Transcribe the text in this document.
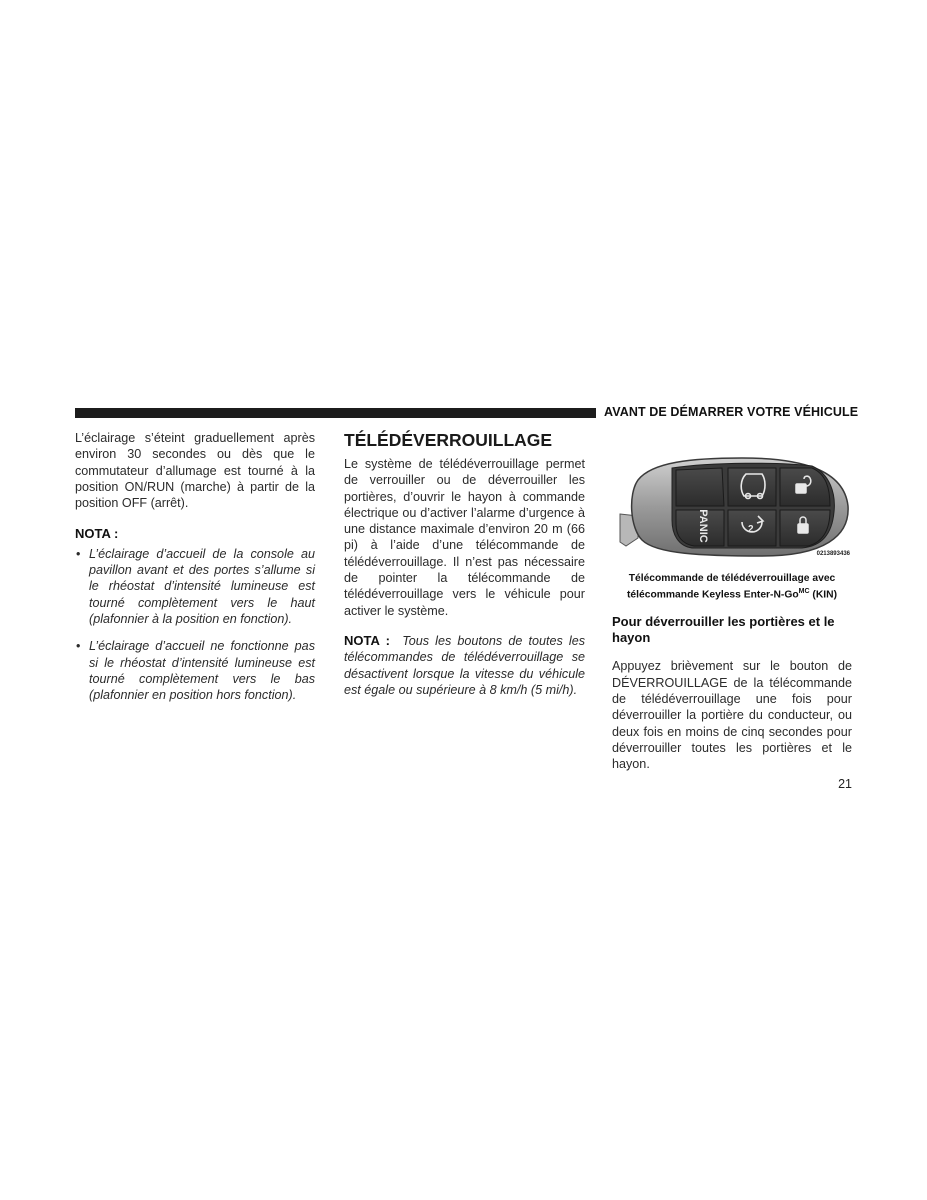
AVANT DE DÉMARRER VOTRE VÉHICULE

L’éclairage s’éteint graduellement après environ 30 secondes ou dès que le commutateur d’allumage est tourné à la position ON/RUN (marche) à partir de la position OFF (arrêt).

NOTA :

• L’éclairage d’accueil de la console au pavillon avant et des portes s’allume si le rhéostat d’intensité lumineuse est tourné complètement vers le haut (plafonnier à la position en fonction).
• L’éclairage d’accueil ne fonctionne pas si le rhéostat d’intensité lumineuse est tourné complètement vers le bas (plafonnier en position hors fonction).
TÉLÉDÉVERROUILLAGE

Le système de télédéverrouillage permet de verrouiller ou de déverrouiller les portières, d’ouvrir le hayon à commande électrique ou d’activer l’alarme d’urgence à une distance maximale d’environ 20 m (66 pi) à l’aide d’une télécommande de télédéverrouillage. Il n’est pas nécessaire de pointer la télécommande de télédéverrouillage vers le véhicule pour activer le système.

NOTA : Tous les boutons de toutes les télécommandes de télédéverrouillage se désactivent lorsque la vitesse du véhicule est égale ou supérieure à 8 km/h (5 mi/h).

2
PANIC
0213893436
Télécommande de télédéverrouillage avec
télécommande Keyless Enter-$N-Go^{MC}$ (KIN)

Pour déverrouiller les portières et le hayon

Appuyez brièvement sur le bouton de DÉVERROUILLAGE de la télécommande de télédéverrouillage une fois pour déverrouiller la portière du conducteur, ou deux fois en moins de cinq secondes pour déverrouiller toutes les portières et le hayon.

21
